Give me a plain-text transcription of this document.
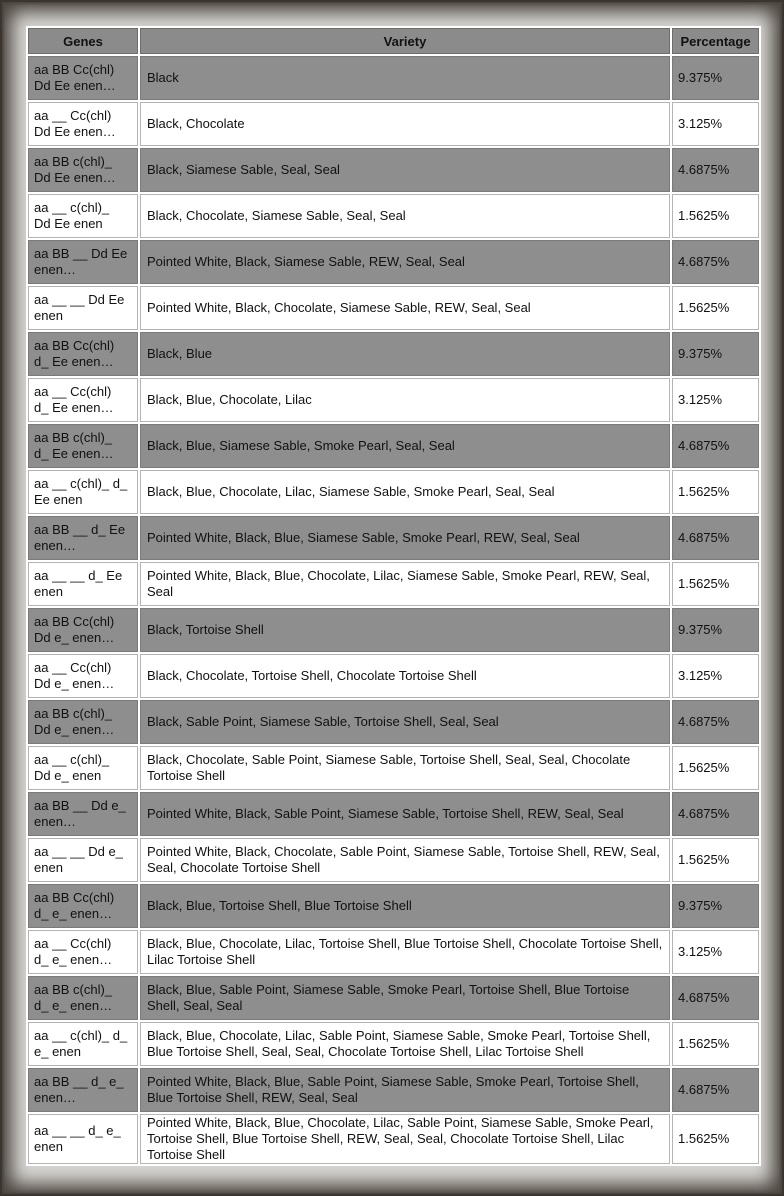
Genes	Variety	Percentage

aa BB Cc(chl)
Dd Ee enen…	Black	9.375%

aa __ Cc(chl)
Dd Ee enen…	Black, Chocolate	3.125%

aa BB c(chl)_
Dd Ee enen…	Black, Siamese Sable, Seal, Seal	4.6875%

aa __ c(chl)_
Dd Ee enen	Black, Chocolate, Siamese Sable, Seal, Seal	1.5625%

aa BB __ Dd Ee
enen…	Pointed White, Black, Siamese Sable, REW, Seal, Seal	4.6875%

aa __ __ Dd Ee
enen	Pointed White, Black, Chocolate, Siamese Sable, REW, Seal, Seal	1.5625%

aa BB Cc(chl)
d_ Ee enen…	Black, Blue	9.375%

aa __ Cc(chl)
d_ Ee enen…	Black, Blue, Chocolate, Lilac	3.125%

aa BB c(chl)_
d_ Ee enen…	Black, Blue, Siamese Sable, Smoke Pearl, Seal, Seal	4.6875%

aa __ c(chl)_ d_
Ee enen	Black, Blue, Chocolate, Lilac, Siamese Sable, Smoke Pearl, Seal, Seal	1.5625%

aa BB __ d_ Ee
enen…	Pointed White, Black, Blue, Siamese Sable, Smoke Pearl, REW, Seal, Seal	4.6875%

aa __ __ d_ Ee
enen	Pointed White, Black, Blue, Chocolate, Lilac, Siamese Sable, Smoke Pearl, REW, Seal, Seal	1.5625%

aa BB Cc(chl)
Dd e_ enen…	Black, Tortoise Shell	9.375%

aa __ Cc(chl)
Dd e_ enen…	Black, Chocolate, Tortoise Shell, Chocolate Tortoise Shell	3.125%

aa BB c(chl)_
Dd e_ enen…	Black, Sable Point, Siamese Sable, Tortoise Shell, Seal, Seal	4.6875%

aa __ c(chl)_
Dd e_ enen	Black, Chocolate, Sable Point, Siamese Sable, Tortoise Shell, Seal, Seal, Chocolate Tortoise Shell	1.5625%

aa BB __ Dd e_
enen…	Pointed White, Black, Sable Point, Siamese Sable, Tortoise Shell, REW, Seal, Seal	4.6875%

aa __ __ Dd e_
enen	Pointed White, Black, Chocolate, Sable Point, Siamese Sable, Tortoise Shell, REW, Seal, Seal, Chocolate Tortoise Shell	1.5625%

aa BB Cc(chl)
d_ e_ enen…	Black, Blue, Tortoise Shell, Blue Tortoise Shell	9.375%

aa __ Cc(chl)
d_ e_ enen…	Black, Blue, Chocolate, Lilac, Tortoise Shell, Blue Tortoise Shell, Chocolate Tortoise Shell, Lilac Tortoise Shell	3.125%

aa BB c(chl)_
d_ e_ enen…	Black, Blue, Sable Point, Siamese Sable, Smoke Pearl, Tortoise Shell, Blue Tortoise Shell, Seal, Seal	4.6875%

aa __ c(chl)_ d_
e_ enen	Black, Blue, Chocolate, Lilac, Sable Point, Siamese Sable, Smoke Pearl, Tortoise Shell, Blue Tortoise Shell, Seal, Seal, Chocolate Tortoise Shell, Lilac Tortoise Shell	1.5625%

aa BB __ d_ e_
enen…	Pointed White, Black, Blue, Sable Point, Siamese Sable, Smoke Pearl, Tortoise Shell, Blue Tortoise Shell, REW, Seal, Seal	4.6875%

aa __ __ d_ e_
enen	Pointed White, Black, Blue, Chocolate, Lilac, Sable Point, Siamese Sable, Smoke Pearl, Tortoise Shell, Blue Tortoise Shell, REW, Seal, Seal, Chocolate Tortoise Shell, Lilac Tortoise Shell	1.5625%
